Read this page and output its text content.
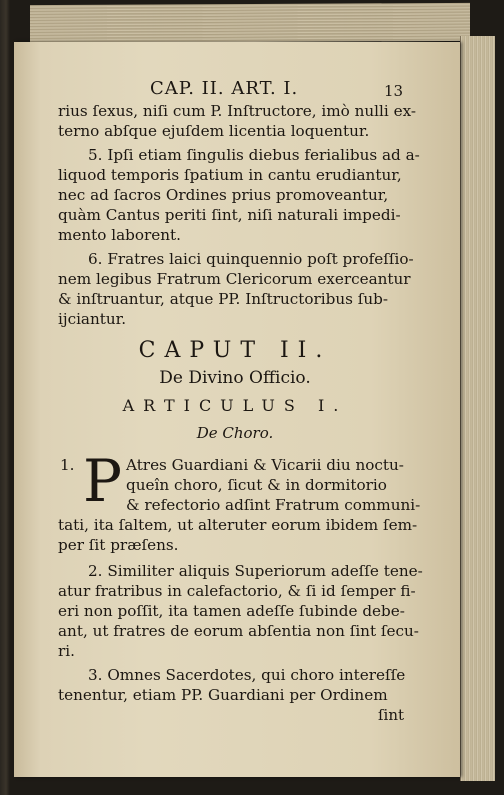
CAP. II. ART. I.	13
rius ſexus, niſi cum P. Inſtructore, imò nulli ex-
terno abſque ejuſdem licentia loquentur.
5. Ipſi etiam ſingulis diebus ferialibus ad a-
liquod temporis ſpatium in cantu erudiantur,
nec ad ſacros Ordines prius promoveantur,
quàm Cantus periti ſint, niſi naturali impedi-
mento laborent.
6. Fratres laici quinquennio poſt profeſſio-
nem legibus Fratrum Clericorum exerceantur
& inſtruantur, atque PP. Inſtructoribus ſub-
ijciantur.
CAPUT II.
De Divino Officio.
ARTICULUS I.
De Choro.
1. P Atres Guardiani & Vicarii diu noctu-
queîn choro, ſicut & in dormitorio
& refectorio adſint Fratrum communi-
tati, ita ſaltem, ut alteruter eorum ibidem ſem-
per ſit præſens.
2. Similiter aliquis Superiorum adeſſe tene-
atur fratribus in calefactorio, & ſi id ſemper fi-
eri non poſſit, ita tamen adeſſe ſubinde debe-
ant, ut fratres de eorum abſentia non ſint ſecu-
ri.
3. Omnes Sacerdotes, qui choro intereſſe
tenentur, etiam PP. Guardiani per Ordinem
ſint
